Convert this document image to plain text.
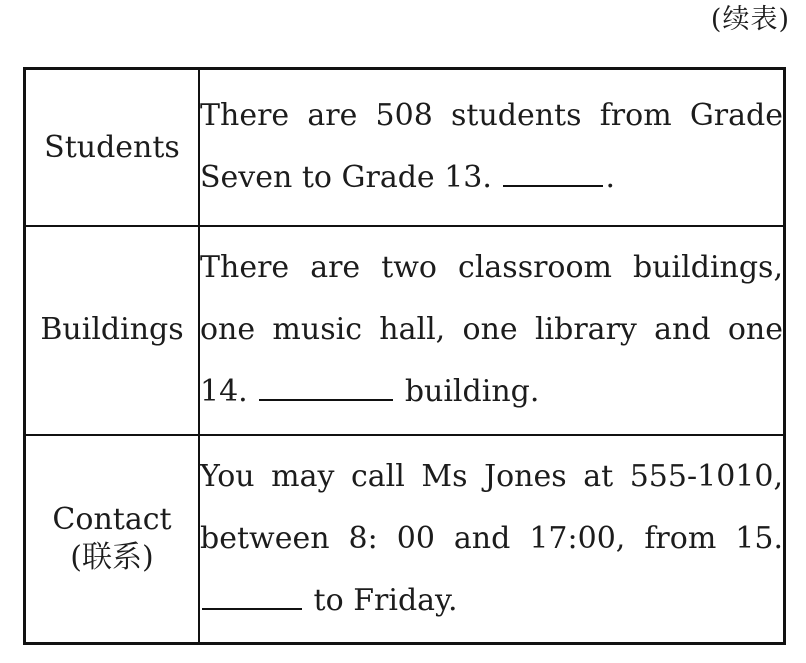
(续表)
Students	There are 508 students from Grade Seven to Grade 13. .
Buildings	There are two classroom buildings, one music hall, one library and one 14. building.

Contact
(联系)	You may call Ms Jones at 555-1010, between 8: 00 and 17:00, from 15.  to Friday.
